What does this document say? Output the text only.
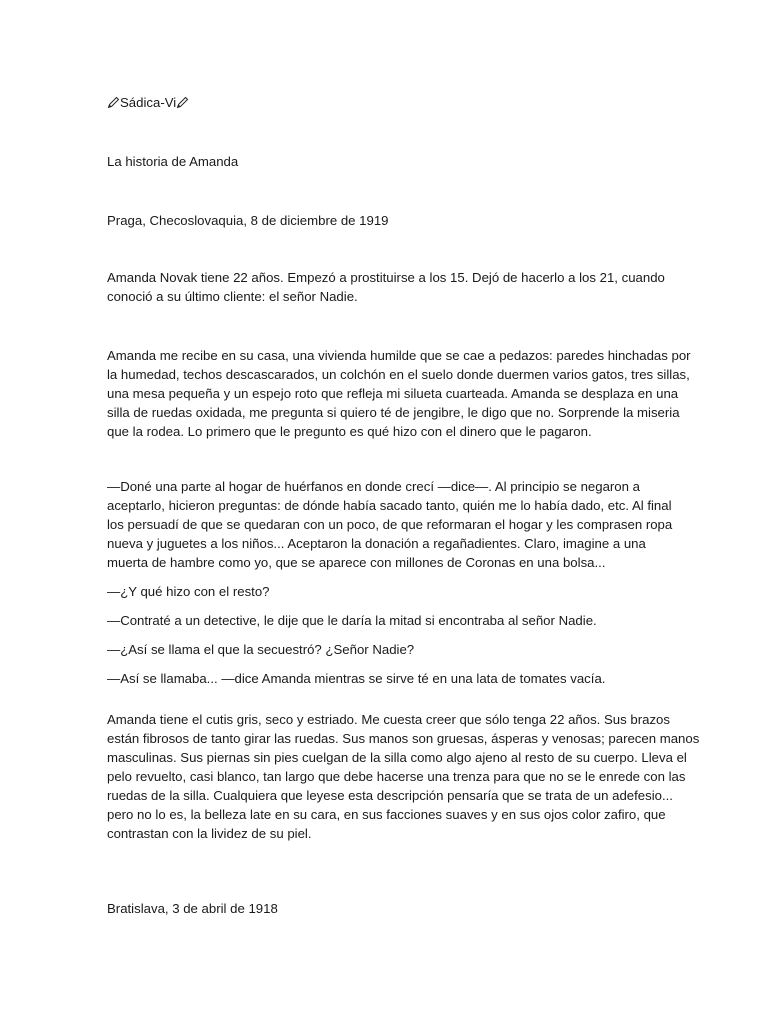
Sádica-Vi

La historia de Amanda

Praga, Checoslovaquia, 8 de diciembre de 1919

Amanda Novak tiene 22 años. Empezó a prostituirse a los 15. Dejó de hacerlo a los 21, cuando
conoció a su último cliente: el señor Nadie.

Amanda me recibe en su casa, una vivienda humilde que se cae a pedazos: paredes hinchadas por
la humedad, techos descascarados, un colchón en el suelo donde duermen varios gatos, tres sillas,
una mesa pequeña y un espejo roto que refleja mi silueta cuarteada. Amanda se desplaza en una
silla de ruedas oxidada, me pregunta si quiero té de jengibre, le digo que no. Sorprende la miseria
que la rodea. Lo primero que le pregunto es qué hizo con el dinero que le pagaron.

—Doné una parte al hogar de huérfanos en donde crecí —dice—. Al principio se negaron a
aceptarlo, hicieron preguntas: de dónde había sacado tanto, quién me lo había dado, etc. Al final
los persuadí de que se quedaran con un poco, de que reformaran el hogar y les comprasen ropa
nueva y juguetes a los niños... Aceptaron la donación a regañadientes. Claro, imagine a una
muerta de hambre como yo, que se aparece con millones de Coronas en una bolsa...

—¿Y qué hizo con el resto?

—Contraté a un detective, le dije que le daría la mitad si encontraba al señor Nadie.

—¿Así se llama el que la secuestró? ¿Señor Nadie?

—Así se llamaba... —dice Amanda mientras se sirve té en una lata de tomates vacía.

Amanda tiene el cutis gris, seco y estriado. Me cuesta creer que sólo tenga 22 años. Sus brazos
están fibrosos de tanto girar las ruedas. Sus manos son gruesas, ásperas y venosas; parecen manos
masculinas. Sus piernas sin pies cuelgan de la silla como algo ajeno al resto de su cuerpo. Lleva el
pelo revuelto, casi blanco, tan largo que debe hacerse una trenza para que no se le enrede con las
ruedas de la silla. Cualquiera que leyese esta descripción pensaría que se trata de un adefesio...
pero no lo es, la belleza late en su cara, en sus facciones suaves y en sus ojos color zafiro, que
contrastan con la lividez de su piel.

Bratislava, 3 de abril de 1918
